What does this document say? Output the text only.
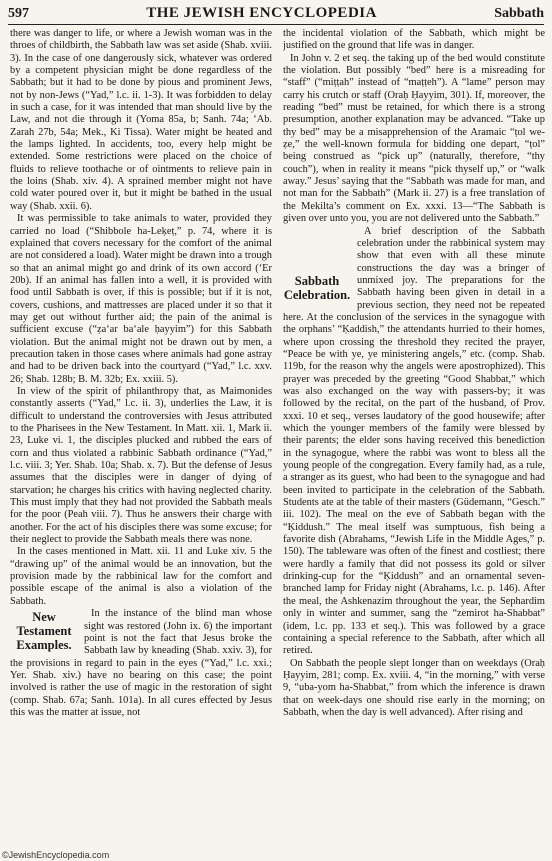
597	THE JEWISH ENCYCLOPEDIA	Sabbath

there was danger to life, or where a Jewish woman was in the throes of childbirth, the Sabbath law was set aside (Shab. xviii. 3). In the case of one dangerously sick, whatever was ordered by a competent physician might be done regardless of the Sabbath; but it had to be done by pious and prominent Jews, not by non-Jews (“Yad,” l.c. ii. 1-3). It was forbidden to delay in such a case, for it was intended that man should live by the Law, and not die through it (Yoma 85a, b; Sanh. 74a; ‘Ab. Zarah 27b, 54a; Mek., Ki Tissa). Water might be heated and the lamps lighted. In accidents, too, every help might be extended. Some restrictions were placed on the choice of fluids to relieve toothache or of ointments to relieve pain in the loins (Shab. xiv. 4). A sprained member might not have cold water poured over it, but it might be bathed in the usual way (Shab. xxii. 6).

It was permissible to take animals to water, provided they carried no load (“Shibbole ha-Leḳeṭ,” p. 74, where it is explained that covers necessary for the comfort of the animal are not considered a load). Water might be drawn into a trough so that an animal might go and drink of its own accord (‘Er 20b). If an animal has fallen into a well, it is provided with food until Sabbath is over, if this is possible; but if it is not, covers, cushions, and mattresses are placed under it so that it may get out without further aid; the pain of the animal is sufficient excuse (“ẓa‘ar ba‘ale ḥayyim”) for this Sabbath violation. But the animal might not be drawn out by men, a precaution taken in those cases where animals had gone astray and had to be driven back into the courtyard (“Yad,” l.c. xxv. 26; Shab. 128b; B. M. 32b; Ex. xxiii. 5).

In view of the spirit of philanthropy that, as Maimonides constantly asserts (“Yad,” l.c. ii. 3), underlies the Law, it is difficult to understand the controversies with Jesus attributed to the Pharisees in the New Testament. In Matt. xii. 1, Mark ii. 23, Luke vi. 1, the disciples plucked and rubbed the ears of corn and thus violated a rabbinic Sabbath ordinance (“Yad,” l.c. viii. 3; Yer. Shab. 10a; Shab. x. 7). But the defense of Jesus assumes that the disciples were in danger of dying of starvation; he charges his critics with having neglected charity. This must imply that they had not provided the Sabbath meals for the poor (Peah viii. 7). Thus he answers their charge with another. For the act of his disciples there was some excuse; for their neglect to provide the Sabbath meals there was none.

In the cases mentioned in Matt. xii. 11 and Luke xiv. 5 the “drawing up” of the animal would be an innovation, but the provision made by the rabbinical law for the comfort and possible escape of the animal is also a violation of the Sabbath.

New Testament Examples.

In the instance of the blind man whose sight was restored (John ix. 6) the important point is not the fact that Jesus broke the Sabbath law by kneading (Shab. xxiv. 3), for the provisions in regard to pain in the eyes (“Yad,” l.c. xxi.; Yer. Shab. xiv.) have no bearing on this case; the point involved is rather the use of magic in the restoration of sight (comp. Shab. 67a; Sanh. 101a). In all cures effected by Jesus this was the matter at issue, not

the incidental violation of the Sabbath, which might be justified on the ground that life was in danger.

In John v. 2 et seq. the taking up of the bed would constitute the violation. But possibly “bed” here is a misreading for “staff” (“miṭṭah” instead of “maṭṭeh”). A “lame” person may carry his crutch or staff (Oraḥ Ḥayyim, 301). If, moreover, the reading “bed” must be retained, for which there is a strong presumption, another explanation may be advanced. “Take up thy bed” may be a misapprehension of the Aramaic “ṭol we-ẓe,” the well-known formula for bidding one depart, “ṭol” being construed as “pick up” (naturally, therefore, “thy couch”), when in reality it means “pick thyself up,” or “walk away.” Jesus’ saying that the “Sabbath was made for man, and not man for the Sabbath” (Mark ii. 27) is a free translation of the Mekilta’s comment on Ex. xxxi. 13—“The Sabbath is given over unto you, you are not delivered unto the Sabbath.”

Sabbath Celebration.

A brief description of the Sabbath celebration under the rabbinical system may show that even with all these minute constructions the day was a bringer of unmixed joy. The preparations for the Sabbath having been given in detail in a previous section, they need not be repeated here. At the conclusion of the services in the synagogue with the orphans’ “Ḳaddish,” the attendants hurried to their homes, where upon crossing the threshold they recited the prayer, “Peace be with ye, ye ministering angels,” etc. (comp. Shab. 119b, for the reason why the angels were apostrophized). This prayer was preceded by the greeting “Good Shabbat,” which was also exchanged on the way with passers-by; it was followed by the recital, on the part of the husband, of Prov. xxxi. 10 et seq., verses laudatory of the good housewife; after which the younger members of the family were blessed by their parents; the elder sons having received this benediction in the synagogue, where the rabbi was wont to bless all the young people of the congregation. Every family had, as a rule, a stranger as its guest, who had been to the synagogue and had been invited to participate in the celebration of the Sabbath. Students ate at the table of their masters (Güdemann, “Gesch.” iii. 102). The meal on the eve of Sabbath began with the “Ḳiddush.” The meal itself was sumptuous, fish being a favorite dish (Abrahams, “Jewish Life in the Middle Ages,” p. 150). The tableware was often of the finest and costliest; there were hardly a family that did not possess its gold or silver drinking-cup for the “Ḳiddush” and an ornamental seven-branched lamp for Friday night (Abrahams, l.c. p. 146). After the meal, the Ashkenazim throughout the year, the Sephardim only in winter and summer, sang the “zemirot ha-Shabbat” (idem, l.c. pp. 133 et seq.). This was followed by a grace containing a special reference to the Sabbath, after which all retired.

On Sabbath the people slept longer than on weekdays (Oraḥ Ḥayyim, 281; comp. Ex. xviii. 4, “in the morning,” with verse 9, “uba-yom ha-Shabbat,” from which the inference is drawn that on week-days one should rise early in the morning; on Sabbath, when the day is well advanced). After rising and

©JewishEncyclopedia.com
